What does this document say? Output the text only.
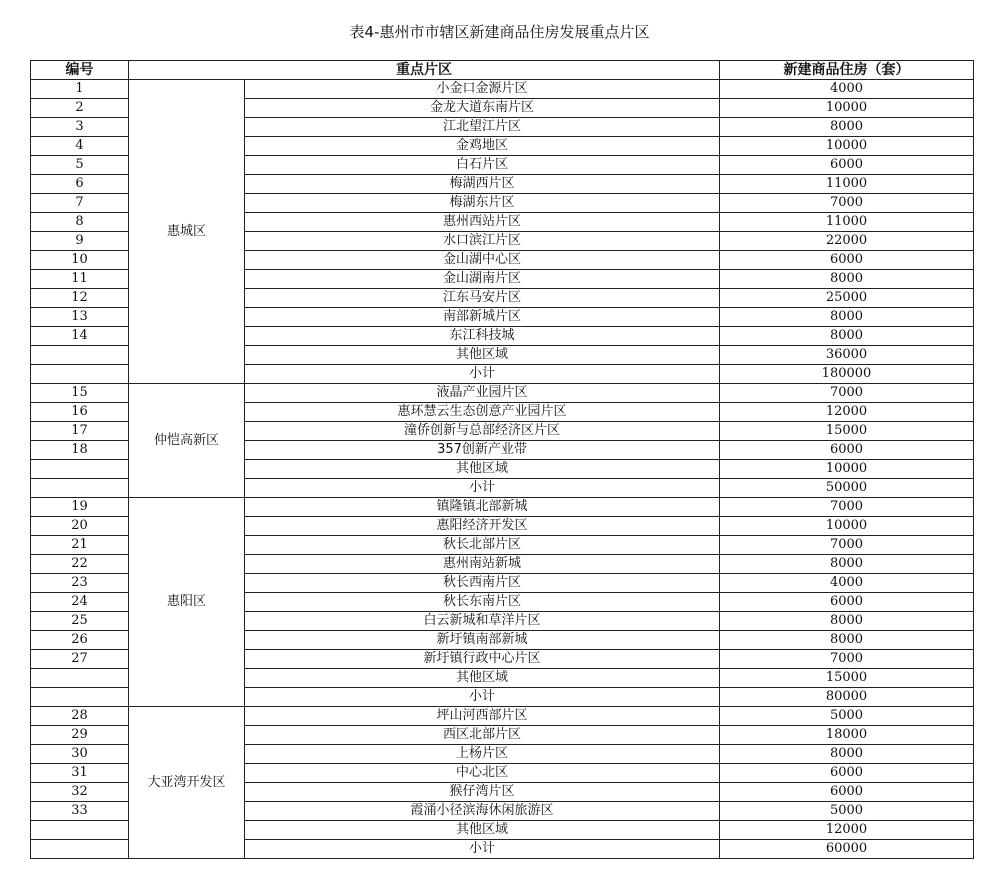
表4-惠州市市辖区新建商品住房发展重点片区
编号	重点片区		新建商品住房（套）
1	惠城区	小金口金源片区	4000
2		金龙大道东南片区	10000
3		江北望江片区	8000
4		金鸡地区	10000
5		白石片区	6000
6		梅湖西片区	11000
7		梅湖东片区	7000
8		惠州西站片区	11000
9		水口滨江片区	22000
10		金山湖中心区	6000
11		金山湖南片区	8000
12		江东马安片区	25000
13		南部新城片区	8000
14		东江科技城	8000
		其他区域	36000
		小计	180000
15	仲恺高新区	液晶产业园片区	7000
16		惠环慧云生态创意产业园片区	12000
17		潼侨创新与总部经济区片区	15000
18		357创新产业带	6000
		其他区域	10000
		小计	50000
19	惠阳区	镇隆镇北部新城	7000
20		惠阳经济开发区	10000
21		秋长北部片区	7000
22		惠州南站新城	8000
23		秋长西南片区	4000
24		秋长东南片区	6000
25		白云新城和草洋片区	8000
26		新圩镇南部新城	8000
27		新圩镇行政中心片区	7000
		其他区域	15000
		小计	80000
28	大亚湾开发区	坪山河西部片区	5000
29		西区北部片区	18000
30		上杨片区	8000
31		中心北区	6000
32		猴仔湾片区	6000
33		霞涌小径滨海休闲旅游区	5000
		其他区域	12000
		小计	60000
